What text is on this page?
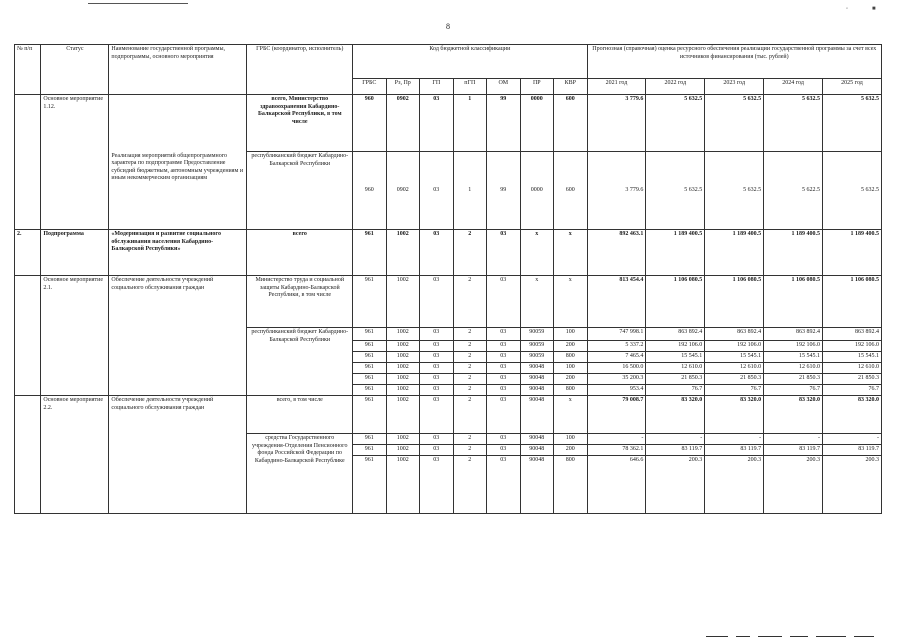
◦	■
8
№ п/п	Статус	Наименование государственной программы, подпрограммы, основного мероприятия	ГРБС (координатор, исполнитель)	Код бюджетной классификации							Прогнозная (справочная) оценка ресурсного обеспечения реализации государственной программы за счет всех источников финансирования (тыс. рублей)				
				ГРБС	Рз, Пр	ГП	пГП	ОМ	ПР	КВР	2021 год	2022 год	2023 год	2024 год	2025 год
	Основное мероприятие 1.12.		всего, Министерство здравоохранения Кабардино-Балкарской Республики, в том числе	960	0902	03	1	99	0000	600	3 779.6	5 632.5	5 632.5	5 632.5	5 632.5
		Реализация мероприятий общепрограммного характера по подпрограмме Предоставление субсидий бюджетным, автономным учреждениям и иным некоммерческим организациям	республиканский бюджет Кабардино-Балкарской Республики	960	0902	03	1	99	0000	600	3 779.6	5 632.5	5 632.5	5 622.5	5 632.5
2.	Подпрограмма	«Модернизация и развитие социального обслуживания населения Кабардино-Балкарской Республики»	всего	961	1002	03	2	03	х	х	892 463.1	1 189 400.5	1 189 400.5	1 189 400.5	1 189 400.5
	Основное мероприятие 2.1.	Обеспечение деятельности учреждений социального обслуживания граждан	Министерство труда и социальной защиты Кабардино-Балкарской Республики, в том числе	961	1002	03	2	03	х	х	813 454.4	1 106 080.5	1 106 080.5	1 106 080.5	1 106 080.5
			республиканский бюджет Кабардино-Балкарской Республики	961	1002	03	2	03	90059	100	747 998.1	863 892.4	863 892.4	863 892.4	863 892.4
				961	1002	03	2	03	90059	200	5 337.2	192 106.0	192 106.0	192 106.0	192 106.0
				961	1002	03	2	03	90059	800	7 465.4	15 545.1	15 545.1	15 545.1	15 545.1
				961	1002	03	2	03	90048	100	16 500.0	12 610.0	12 610.0	12 610.0	12 610.0
				961	1002	03	2	03	90048	200	35 200.3	21 850.3	21 850.3	21 850.3	21 850.3
				961	1002	03	2	03	90048	800	953.4	76.7	76.7	76.7	76.7
	Основное мероприятие 2.2.	Обеспечение деятельности учреждений социального обслуживания граждан	всего, в том числе	961	1002	03	2	03	90048	х	79 008.7	83 320.0	83 320.0	83 320.0	83 320.0
			средства Государственного учреждения-Отделения Пенсионного фонда Российской Федерации по Кабардино-Балкарской Республике	961	1002	03	2	03	90048	100	-	-	-	-	-
				961	1002	03	2	03	90048	200	78 362.1	83 119.7	83 119.7	83 119.7	83 119.7
				961	1002	03	2	03	90048	800	646.6	200.3	200.3	200.3	200.3
